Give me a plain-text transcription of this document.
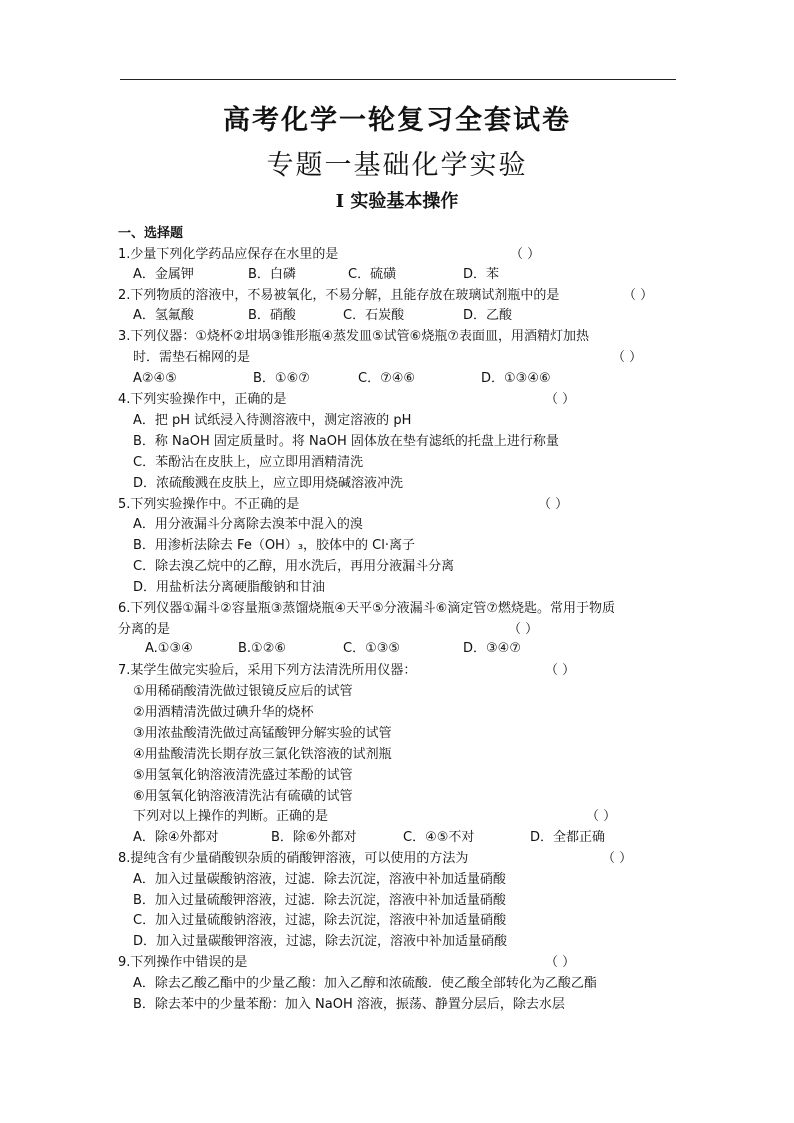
高考化学一轮复习全套试卷
专题一基础化学实验
I 实验基本操作
一、选择题
1.少量下列化学药品应保存在水里的是	（ ）
A．金属钾	B．白磷	C．硫磺	D．苯
2.下列物质的溶液中，不易被氧化，不易分解，且能存放在玻璃试剂瓶中的是	（ ）
A．氢氟酸	B．硝酸	C．石炭酸	D．乙酸
3.下列仪器：①烧杯②坩埚③锥形瓶④蒸发皿⑤试管⑥烧瓶⑦表面皿，用酒精灯加热
时．需垫石棉网的是	（ ）
A②④⑤	B．①⑥⑦	C．⑦④⑥	D．①③④⑥
4.下列实验操作中，正确的是	（ ）
A．把 pH 试纸浸入待测溶液中，测定溶液的 pH
B．称 NaOH 固定质量时。将 NaOH 固体放在垫有滤纸的托盘上进行称量
C．苯酚沾在皮肤上，应立即用酒精清洗
D．浓硫酸溅在皮肤上，应立即用烧碱溶液冲洗
5.下列实验操作中。不正确的是	（ ）
A．用分液漏斗分离除去溴苯中混入的溴
B．用渗析法除去 Fe（OH）₃，胶体中的 Cl·离子
C．除去溴乙烷中的乙醇，用水洗后，再用分液漏斗分离
D．用盐析法分离硬脂酸钠和甘油
6.下列仪器①漏斗②容量瓶③蒸馏烧瓶④天平⑤分液漏斗⑥滴定管⑦燃烧匙。常用于物质
分离的是	（ ）
A.①③④	B.①②⑥	C．①③⑤	D．③④⑦
7.某学生做完实验后，采用下列方法清洗所用仪器：	（ ）
①用稀硝酸清洗做过银镜反应后的试管
②用酒精清洗做过碘升华的烧杯
③用浓盐酸清洗做过高锰酸钾分解实验的试管
④用盐酸清洗长期存放三氯化铁溶液的试剂瓶
⑤用氢氧化钠溶液清洗盛过苯酚的试管
⑥用氢氧化钠溶液清洗沾有硫磺的试管
下列对以上操作的判断。正确的是	（ ）
A．除④外都对	B．除⑥外都对	C．④⑤不对	D．全都正确
8.提纯含有少量硝酸钡杂质的硝酸钾溶液，可以使用的方法为	（ ）
A．加入过量碳酸钠溶液，过滤．除去沉淀，溶液中补加适量硝酸
B．加入过量硫酸钾溶液，过滤．除去沉淀，溶液中补加适量硝酸
C．加入过量硫酸钠溶液，过滤，除去沉淀，溶液中补加适量硝酸
D．加入过量碳酸钾溶液，过滤，除去沉淀，溶液中补加适量硝酸
9.下列操作中错误的是	（ ）
A．除去乙酸乙酯中的少量乙酸：加入乙醇和浓硫酸．使乙酸全部转化为乙酸乙酯
B．除去苯中的少量苯酚：加入 NaOH 溶液，振荡、静置分层后，除去水层
